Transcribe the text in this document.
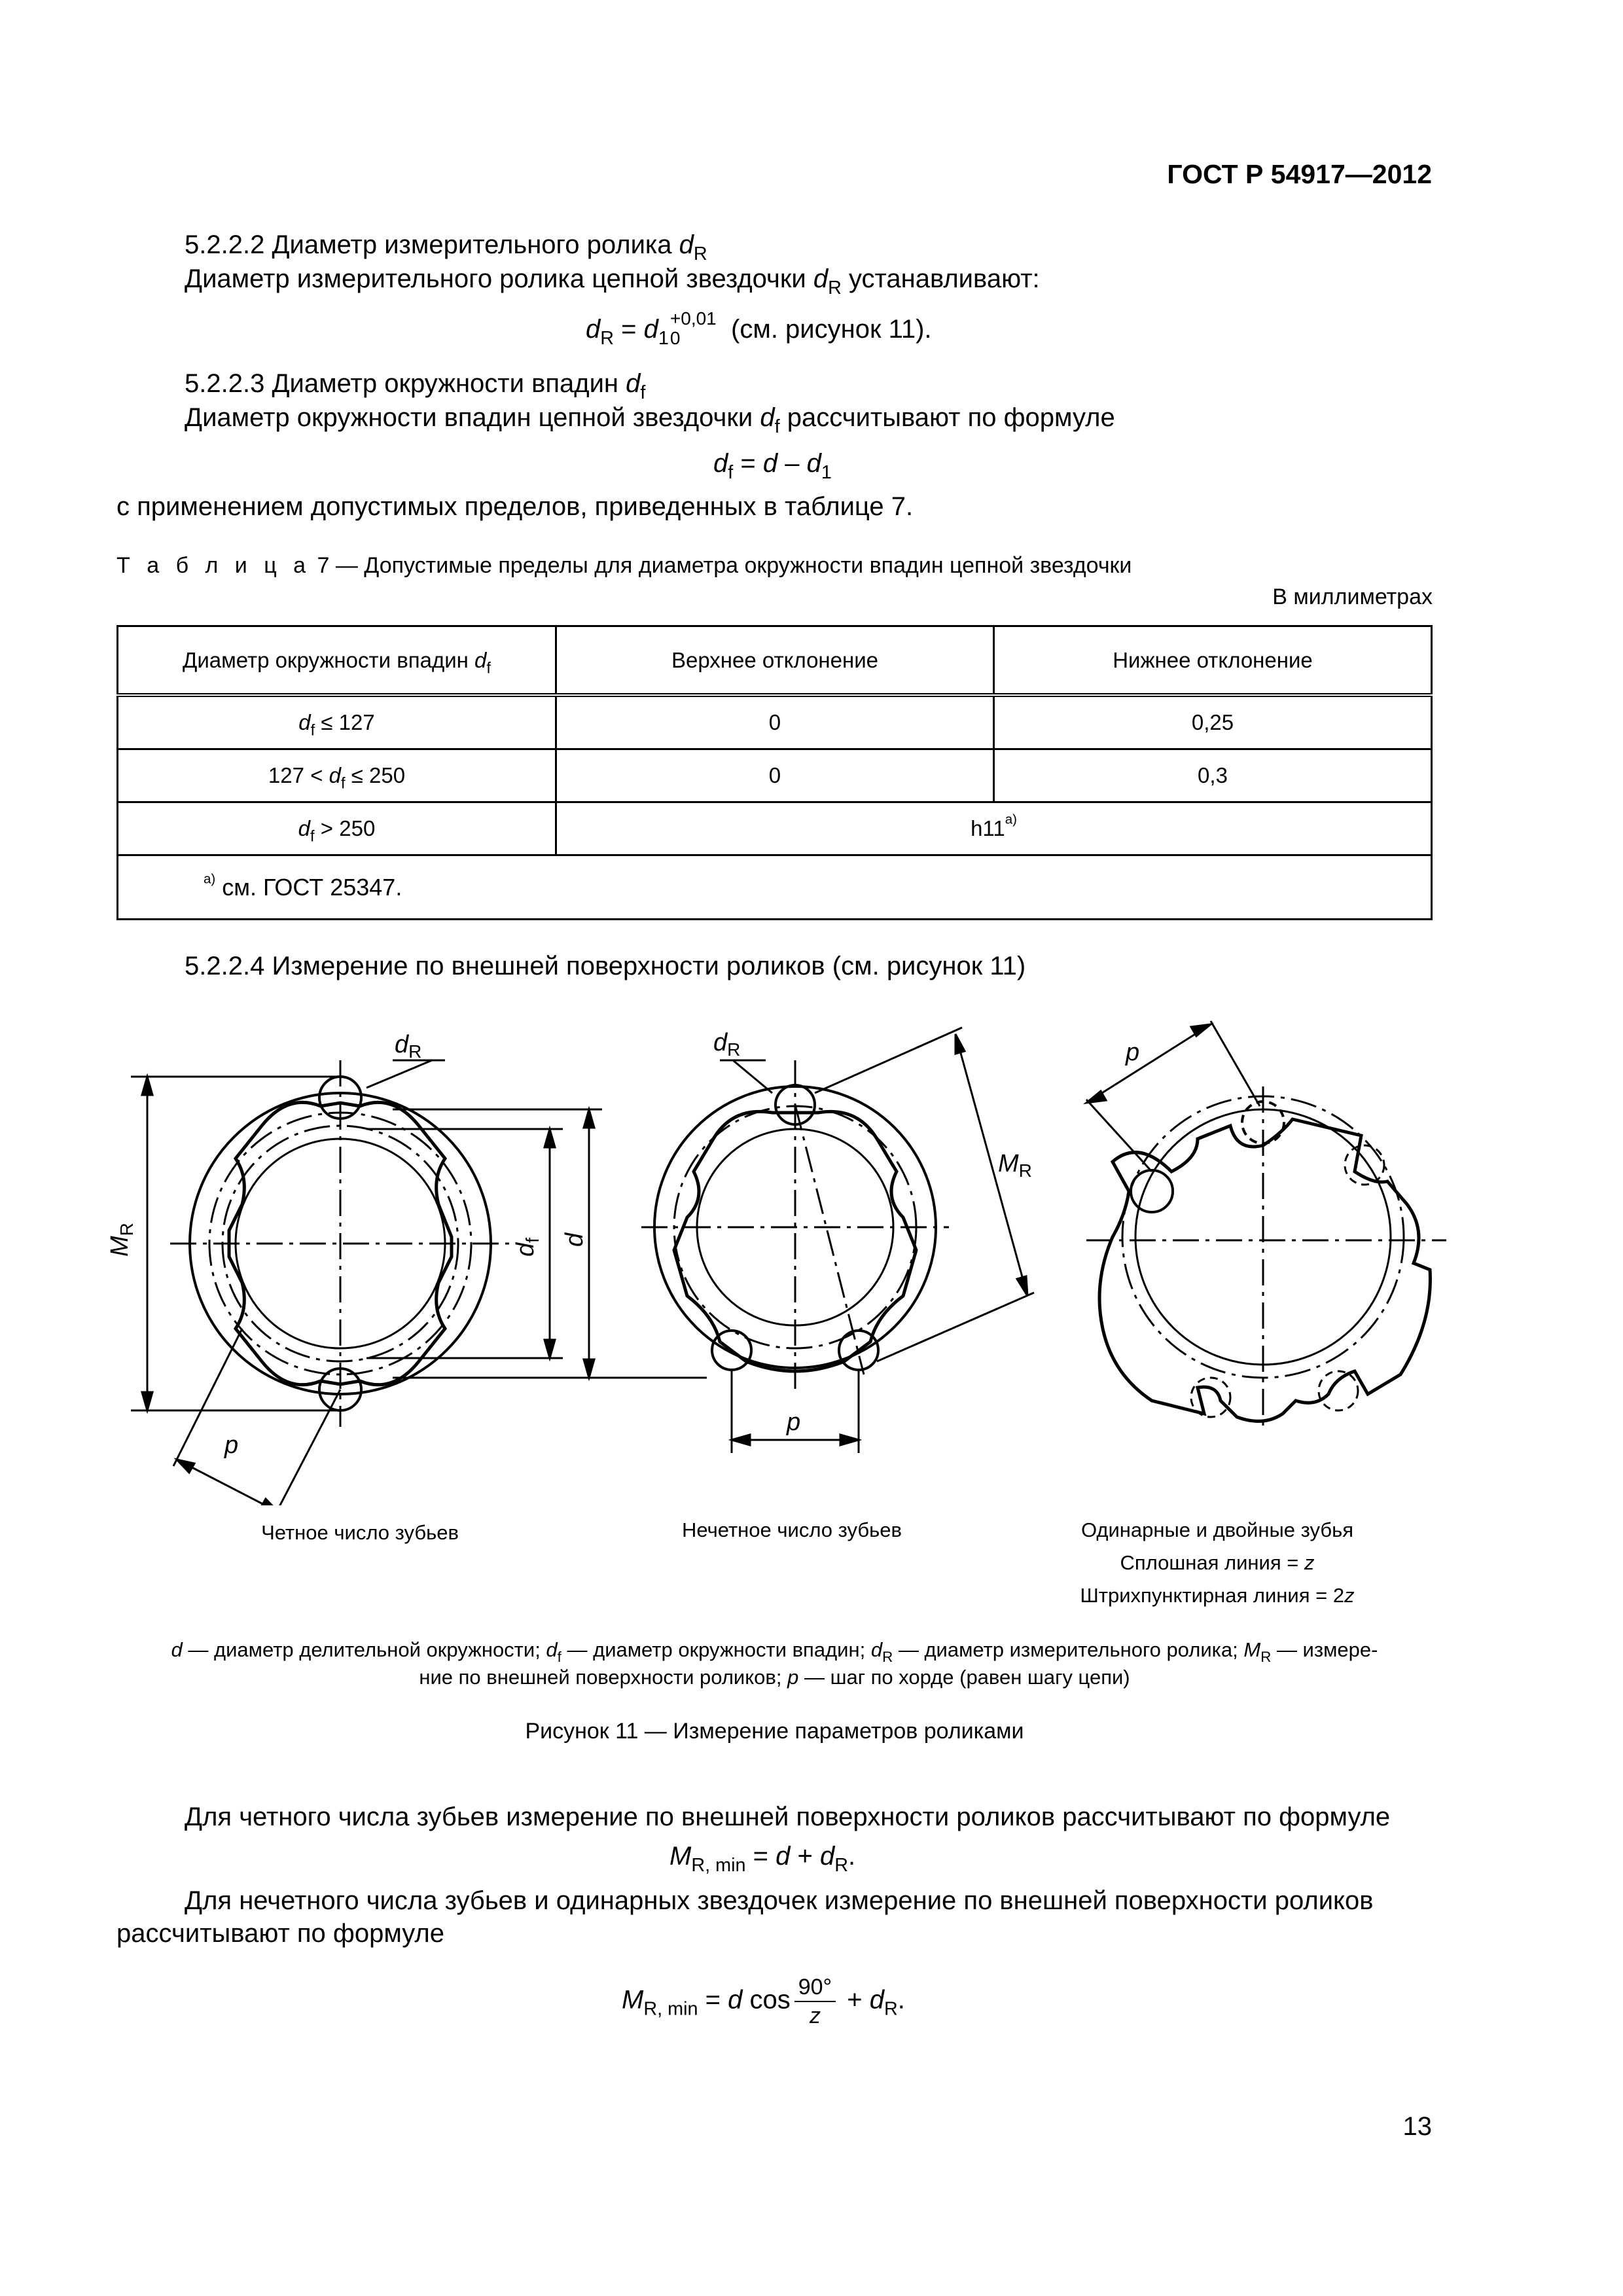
ГОСТ Р 54917—2012
5.2.2.2 Диаметр измерительного ролика $d_R$
Диаметр измерительного ролика цепной звездочки $d_R$ устанавливают:
$d_R = d_1$
+0,01
0	(см. рисунок 11).
5.2.2.3 Диаметр окружности впадин $d_f$
Диаметр окружности впадин цепной звездочки $d_f$ рассчитывают по формуле
$d_f = d - d_1$
с применением допустимых пределов, приведенных в таблице 7.
Т а б л и ц а 7 — Допустимые пределы для диаметра окружности впадин цепной звездочки
В миллиметрах
Диаметр окружности впадин $d_f$	Верхнее отклонение	Нижнее отклонение
$d_f \le 127$	0	0,25
$127 < d_f \le 250$	0	0,3
$d_f > 250$	h11$^{a)}$
$^{a)}$ см. ГОСТ 25347.		
5.2.2.4 Измерение по внешней поверхности роликов (см. рисунок 11)
$d_R$
$M_R$
$d_f$ d
p
$d_R$
$M_R$
p
p
Четное число зубьев	Нечетное число зубьев	Одинарные и двойные зубья
Сплошная линия = z
Штрихпунктирная линия = 2z
d — диаметр делительной окружности; $d_f$ — диаметр окружности впадин; $d_R$ — диаметр измерительного ролика; $M_R$ — измере-
ние по внешней поверхности роликов; p — шаг по хорде (равен шагу цепи)
Рисунок 11 — Измерение параметров роликами
Для четного числа зубьев измерение по внешней поверхности роликов рассчитывают по формуле
$M_{R, min} = d + d_R$.
Для нечетного числа зубьев и одинарных звездочек измерение по внешней поверхности роликов
рассчитывают по формуле
$M_{R, min} = d$ $\cos \frac{90^\circ}{z} + d_R$.
13
